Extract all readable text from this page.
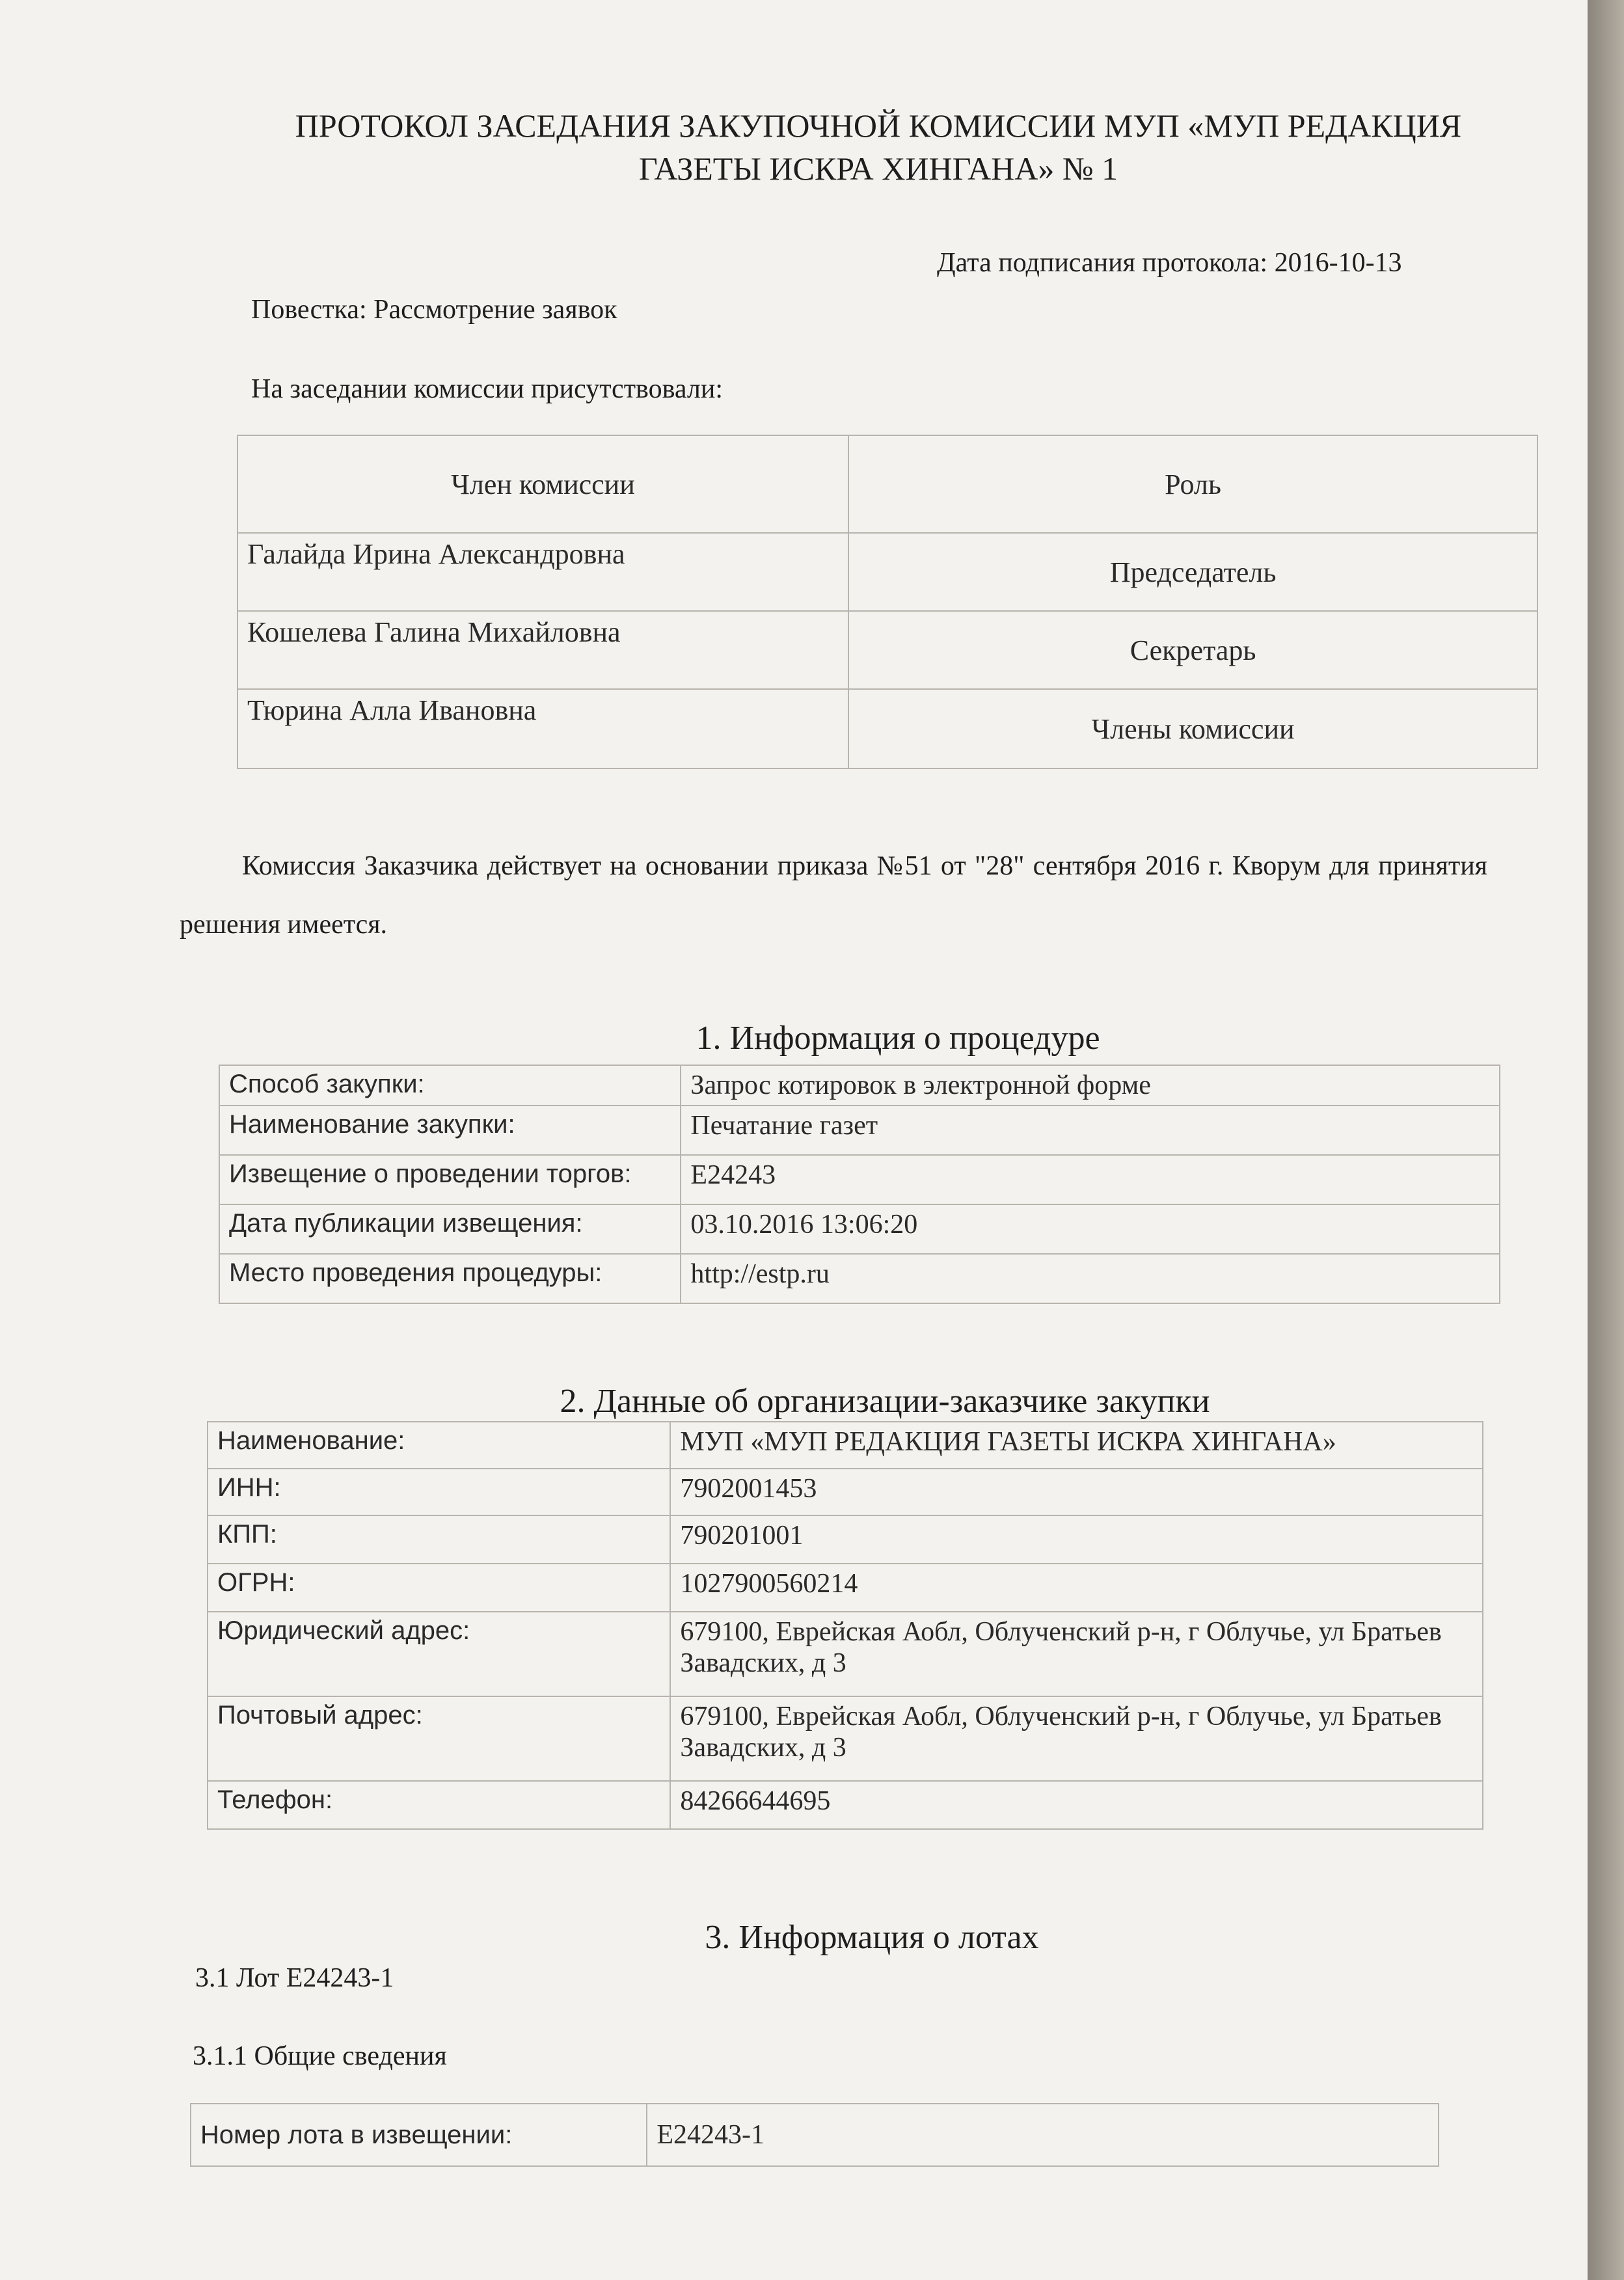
ПРОТОКОЛ ЗАСЕДАНИЯ ЗАКУПОЧНОЙ КОМИССИИ МУП «МУП РЕДАКЦИЯ ГАЗЕТЫ ИСКРА ХИНГАНА» № 1
Дата подписания протокола: 2016-10-13
Повестка: Рассмотрение заявок
На заседании комиссии присутствовали:
Член комиссии	Роль
Галайда Ирина Александровна	Председатель
Кошелева Галина Михайловна	Секретарь
Тюрина Алла Ивановна	Члены комиссии
Комиссия Заказчика действует на основании приказа №51 от "28" сентября 2016 г. Кворум для принятия решения имеется.
1. Информация о процедуре
Способ закупки:	Запрос котировок в электронной форме
Наименование закупки:	Печатание газет
Извещение о проведении торгов:	Е24243
Дата публикации извещения:	03.10.2016 13:06:20
Место проведения процедуры:	http://estp.ru
2. Данные об организации-заказчике закупки
Наименование:	МУП «МУП РЕДАКЦИЯ ГАЗЕТЫ ИСКРА ХИНГАНА»
ИНН:	7902001453
КПП:	790201001
ОГРН:	1027900560214
Юридический адрес:	679100, Еврейская Аобл, Облученский р-н, г Облучье, ул Братьев Завадских, д 3
Почтовый адрес:	679100, Еврейская Аобл, Облученский р-н, г Облучье, ул Братьев Завадских, д 3
Телефон:	84266644695
3. Информация о лотах
3.1 Лот Е24243-1
3.1.1 Общие сведения
Номер лота в извещении:	Е24243-1
